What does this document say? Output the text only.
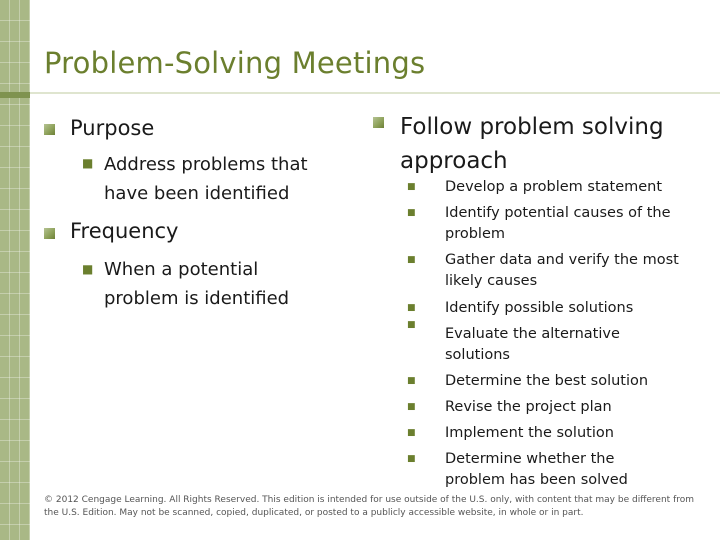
Problem-Solving Meetings
Purpose
■ Address problems that have been identified
Frequency
■ When a potential problem is identified
Follow problem solving approach
■ Develop a problem statement
■ Identify potential causes of the problem
■ Gather data and verify the most likely causes
■ Identify possible solutions
■
Evaluate the alternative solutions
■ Determine the best solution
■ Revise the project plan
■ Implement the solution
■ Determine whether the problem has been solved
© 2012 Cengage Learning. All Rights Reserved. This edition is intended for use outside of the U.S. only, with content that may be different from the U.S. Edition. May not be scanned, copied, duplicated, or posted to a publicly accessible website, in whole or in part.
